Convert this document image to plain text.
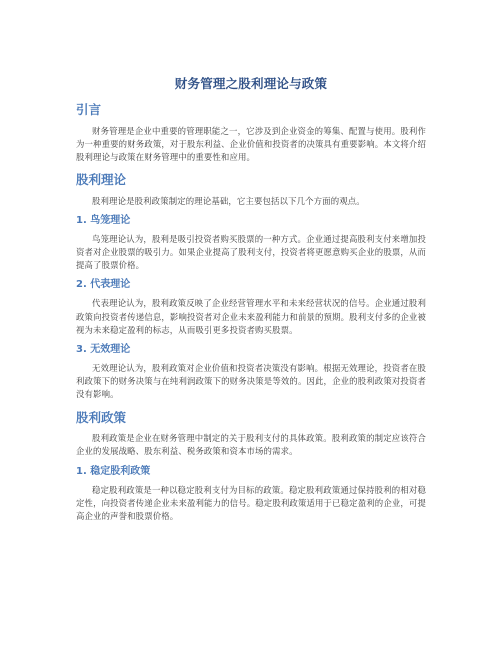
财务管理之股利理论与政策
引言

财务管理是企业中重要的管理职能之一，它涉及到企业资金的筹集、配置与使用。股利作为一种重要的财务政策，对于股东利益、企业价值和投资者的决策具有重要影响。本文将介绍股利理论与政策在财务管理中的重要性和应用。

股利理论

股利理论是股利政策制定的理论基础，它主要包括以下几个方面的观点。

1. 鸟笼理论

鸟笼理论认为，股利是吸引投资者购买股票的一种方式。企业通过提高股利支付来增加投资者对企业股票的吸引力。如果企业提高了股利支付，投资者将更愿意购买企业的股票，从而提高了股票价格。

2. 代表理论

代表理论认为，股利政策反映了企业经营管理水平和未来经营状况的信号。企业通过股利政策向投资者传递信息，影响投资者对企业未来盈利能力和前景的预期。股利支付多的企业被视为未来稳定盈利的标志，从而吸引更多投资者购买股票。

3. 无效理论

无效理论认为，股利政策对企业价值和投资者决策没有影响。根据无效理论，投资者在股利政策下的财务决策与在纯利润政策下的财务决策是等效的。因此，企业的股利政策对投资者没有影响。

股利政策

股利政策是企业在财务管理中制定的关于股利支付的具体政策。股利政策的制定应该符合企业的发展战略、股东利益、税务政策和资本市场的需求。

1. 稳定股利政策

稳定股利政策是一种以稳定股利支付为目标的政策。稳定股利政策通过保持股利的相对稳定性，向投资者传递企业未来盈利能力的信号。稳定股利政策适用于已稳定盈利的企业，可提高企业的声誉和股票价格。
